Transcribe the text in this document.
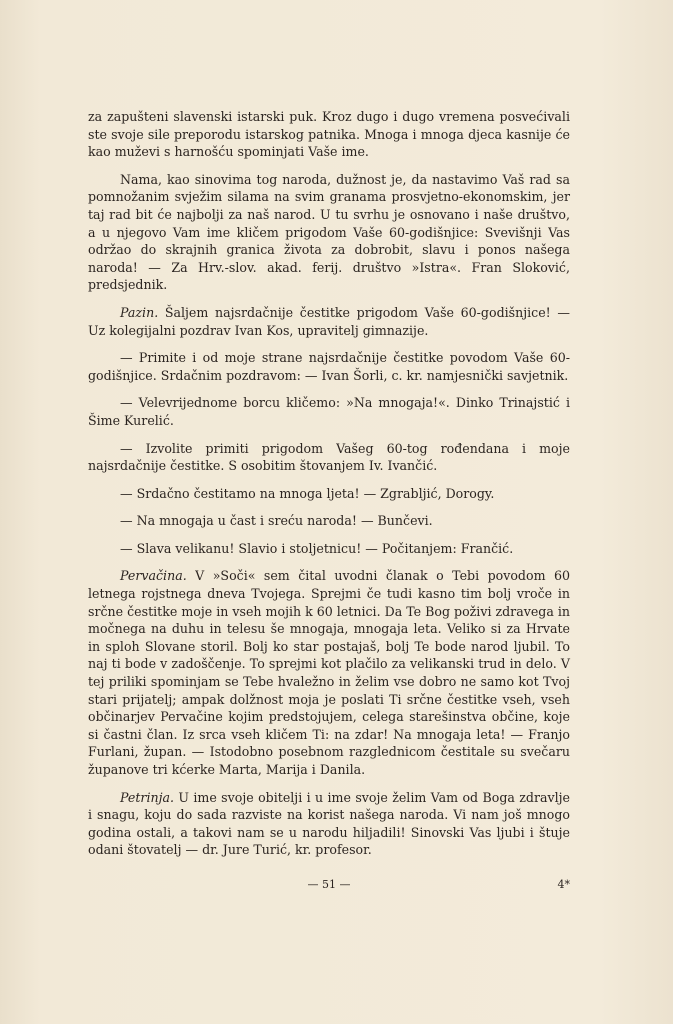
za zapušteni slavenski istarski puk. Kroz dugo i dugo vremena posvećivali ste svoje sile preporodu istarskog patnika. Mnoga i mnoga djeca kasnije će kao muževi s harnošću spominjati Vaše ime.

Nama, kao sinovima tog naroda, dužnost je, da nastavimo Vaš rad sa pomnožanim svježim silama na svim granama prosvjetno-ekonomskim, jer taj rad bit će najbolji za naš narod. U tu svrhu je osnovano i naše društvo, a u njegovo Vam ime kličem prigodom Vaše 60-godišnjice: Svevišnji Vas održao do skrajnih granica života za dobrobit, slavu i ponos našega naroda! — Za Hrv.-slov. akad. ferij. društvo »Istra«. Fran Sloković, predsjednik.

Pazin. Šaljem najsrdačnije čestitke prigodom Vaše 60-godišnjice! — Uz kolegijalni pozdrav Ivan Kos, upravitelj gimnazije.

— Primite i od moje strane najsrdačnije čestitke povodom Vaše 60-godišnjice. Srdačnim pozdravom: — Ivan Šorli, c. kr. namjesnički savjetnik.

— Velevrijednome borcu kličemo: »Na mnogaja!«. Dinko Trinajstić i Šime Kurelić.

— Izvolite primiti prigodom Vašeg 60-tog rođendana i moje najsrdačnije čestitke. S osobitim štovanjem Iv. Ivančić.

— Srdačno čestitamo na mnoga ljeta! — Zgrabljić, Dorogy.

— Na mnogaja u čast i sreću naroda! — Bunčevi.

— Slava velikanu! Slavio i stoljetnicu! — Počitanjem: Frančić.

Pervačina. V »Soči« sem čital uvodni članak o Tebi povodom 60 letnega rojstnega dneva Tvojega. Sprejmi če tudi kasno tim bolj vroče in srčne čestitke moje in vseh mojih k 60 letnici. Da Te Bog poživi zdravega in močnega na duhu in telesu še mnogaja, mnogaja leta. Veliko si za Hrvate in sploh Slovane storil. Bolj ko star postajaš, bolj Te bode narod ljubil. To naj ti bode v zadoščenje. To sprejmi kot plačilo za velikanski trud in delo. V tej priliki spominjam se Tebe hvaležno in želim vse dobro ne samo kot Tvoj stari prijatelj; ampak dolžnost moja je poslati Ti srčne čestitke vseh, vseh občinarjev Pervačine kojim predstojujem, celega starešinstva občine, koje si častni član. Iz srca vseh kličem Ti: na zdar! Na mnogaja leta! — Franjo Furlani, župan. — Istodobno posebnom razglednicom čestitale su svečaru županove tri kćerke Marta, Marija i Danila.

Petrinja. U ime svoje obitelji i u ime svoje želim Vam od Boga zdravlje i snagu, koju do sada razviste na korist našega naroda. Vi nam još mnogo godina ostali, a takovi nam se u narodu hiljadili! Sinovski Vas ljubi i štuje odani štovatelj — dr. Jure Turić, kr. profesor.

— 51 —	4*
